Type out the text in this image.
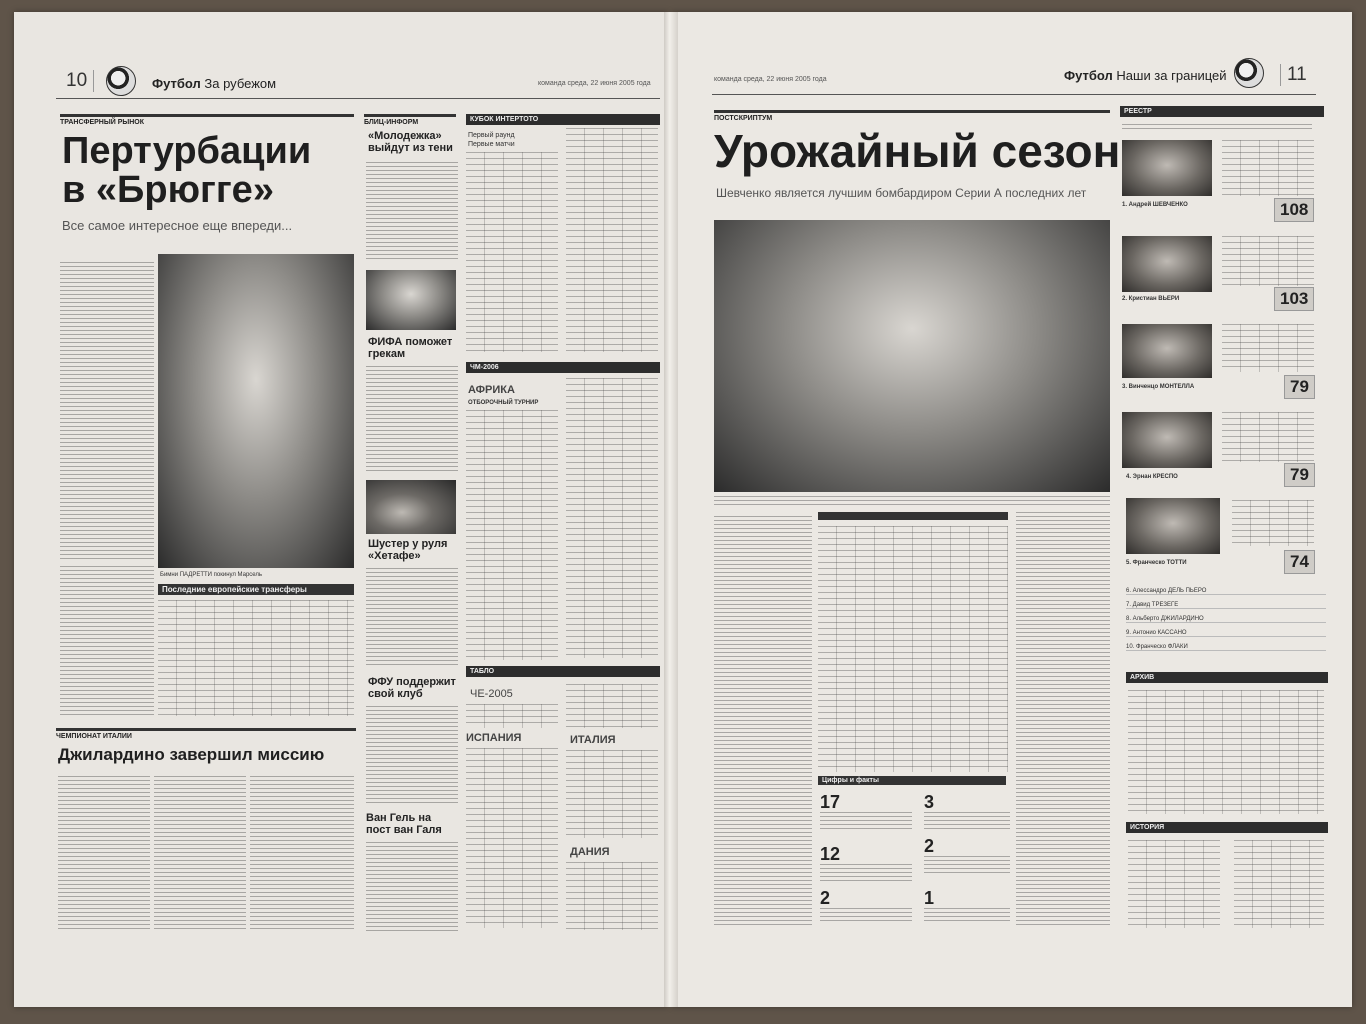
10	Футбол За рубежом	команда среда, 22 июня 2005 года
ТРАНСФЕРНЫЙ РЫНОК
Пертурбации
в «Брюгге»
Все самое интересное еще впереди...
Бимни ПАДРЕТТИ покинул Марсель
Последние европейские трансферы
ЧЕМПИОНАТ ИТАЛИИ
Джилардино завершил миссию
БЛИЦ-ИНФОРМ
«Молодежка» выйдут из тени
ФИФА поможет грекам
Шустер у руля «Хетафе»
ФФУ поддержит свой клуб
Ван Гель на пост ван Галя
КУБОК ИНТЕРТОТО
Первый раунд
Первые матчи
ЧМ-2006
АФРИКА
ОТБОРОЧНЫЙ ТУРНИР
ТАБЛО
ЧЕ-2005
ИСПАНИЯ	ИТАЛИЯ
ДАНИЯ
команда среда, 22 июня 2005 года	Футбол Наши за границей	11
ПОСТСКРИПТУМ
Урожайный сезон
Шевченко является лучшим бомбардиром Серии А последних лет
Цифры и факты
17	3
12	2
2	1
РЕЕСТР
1. Андрей ШЕВЧЕНКО	108
2. Кристиан ВЬЕРИ	103
3. Винченцо МОНТЕЛЛА	79
4. Эрнан КРЕСПО	79
5. Франческо ТОТТИ	74
6. Алессандро ДЕЛЬ ПЬЕРО
7. Давид ТРЕЗЕГЕ
8. Альберто ДЖИЛАРДИНО
9. Антонио КАССАНО
10. Франческо ФЛАКИ
АРХИВ
ИСТОРИЯ
